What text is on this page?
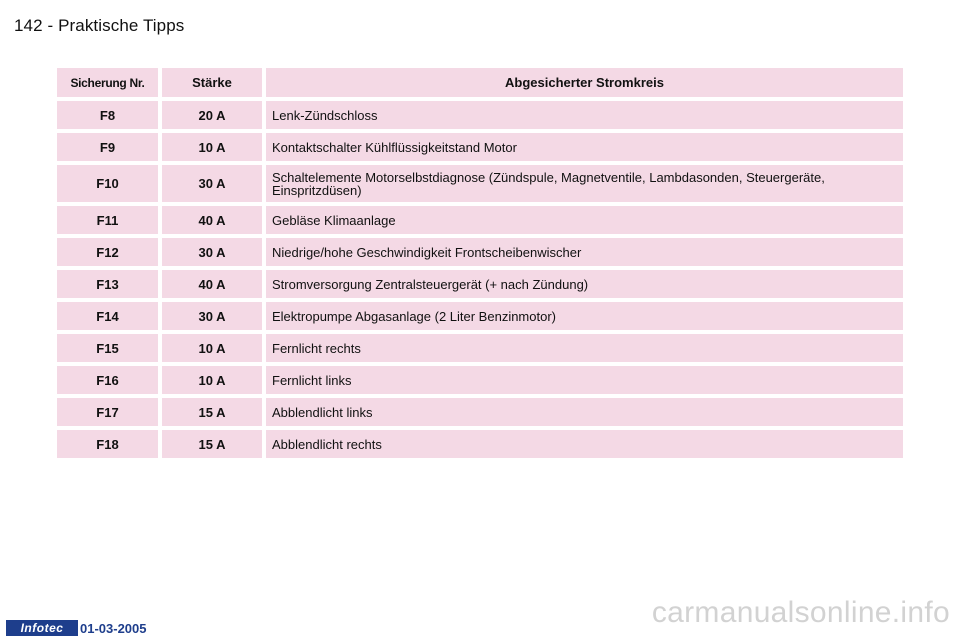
142 - Praktische Tipps
Sicherung Nr.	Stärke	Abgesicherter Stromkreis
F8	20 A	Lenk-Zündschloss
F9	10 A	Kontaktschalter Kühlflüssigkeitstand Motor
F10	30 A	Schaltelemente Motorselbstdiagnose (Zündspule, Magnetventile, Lambdasonden, Steuergeräte, Einspritzdüsen)
F11	40 A	Gebläse Klimaanlage
F12	30 A	Niedrige/hohe Geschwindigkeit Frontscheibenwischer
F13	40 A	Stromversorgung Zentralsteuergerät (+ nach Zündung)
F14	30 A	Elektropumpe Abgasanlage (2 Liter Benzinmotor)
F15	10 A	Fernlicht rechts
F16	10 A	Fernlicht links
F17	15 A	Abblendlicht links
F18	15 A	Abblendlicht rechts
Infotec	01-03-2005	carmanualsonline.info
